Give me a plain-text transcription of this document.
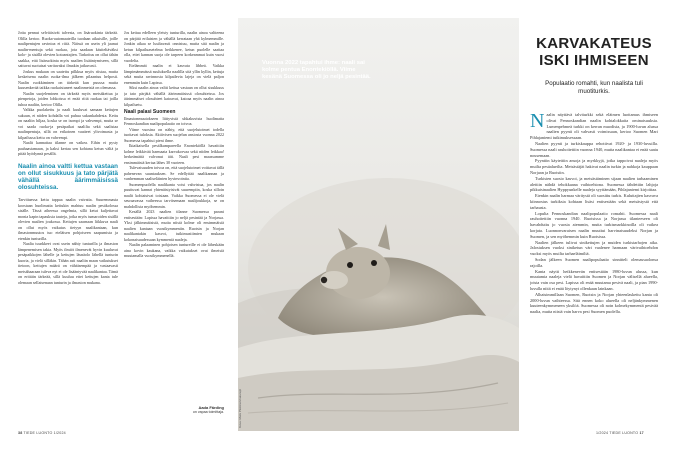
Jotta pennut selviäisivät talvesta, on lisäruokinta tärkeää. Olilla kertoo. Ruoka-automaateilla tuodaan aikuisille, joille naalipentujen ravintoa ei riitä. Näissä on usein yli jaanut naalin-mentuja sekä ruokaa, jota saadaan käsiteltäväksi kolo- ja sisällä olevien kotoantajien. Tarkoitus on ollut tähän saakka, että lisäruokinta myös naalien lisääntymiseen, sillä sattuvat suotuisat varttavaksi ilmakin jatkuvasti.

Joskus mukaan on saatettu pilkkua myös riistaa, mutta keskeisena naalin ruoka-ilma jälkeen pilaantuu helposti. Naalin ruokkiminen on tärkeää kun puussa mutta kuusenkerää taikka ruokaistuneet naalinmetsiä on olemassa.

Naalin suojeleminen on tärkeää myös metsäkettua ja pienpetoja, joiden lohkoissa ei enää riitä ruokaa tai joilla tuhoa naaliin, kertoo Olilla.

Valkka puolakettu ja naali kuuluvat samaan kettujen sukuun, ei niiden kohdalla voi puhua sukunkahdesta. Kettu on naaliin hiljaa, koska se on isompi ja vahvempi, mutta se voi saada ruoka-ja pesäpaikat naalilta sekä saalistaa naalinpentuja, sillä on erikoinen vaatteet ylivoimasta ja kilpailussa kettu on vahvempi.

Naalit kannattaa tilanne on vaikea. Eihin ei pysty paahaastamaan, ja kaksi kertaa sen kohtana ketun väliä ja pitää hyödynnä pesällä.

Naalin ainoa valtti kettua vastaan on ollut sisukkuus ja tato pärjätä vähällä äärimmäisissä olosuhteissa.

Tarvittaessa kettu tappaa naalin vaivatta. Suuremmasta koostaan huolimatta kettukin mahtuu naalin pesäkolossa sisälle. Tässä aiheessa ongelmia, sillä ketut kuljettavat monia kapin tapauksia tauteja, jotka myös tumaroiden sisällä olevien naalien joukossa. Kettujen saarnaan liikkuva naali on ollut myös vaikutus tietyyn naalikantaan, kun ilmastonmuutos tuo eteläisen pohjoiseen saapumista ja etenkin tunturilla.

Naalia tuurkkeet ovat usein nähty tunturilla ja ilmaston lämpenemisen takia. Myös ilmiöt ilmenevät hyvin kuuluvat pesäpaikkojen lähelle ja kettujen läsnäolo lähellä tunturin kuoria, ja vielä silläkin. Tähän asti naaliin maan vaikutukset tietoon, kettujen määrä on vähäisempää ja vastaavasti metsähaaraan tuleva nyt ei ole lisääntyvää naalikantaa. Tämä on erittäin tärkeää, sillä kuuluu ettei kettujen kanta tule olemaan sellaisenaan tunturin ja ilmaston mukana.

Jos kettua edelleen yleisty tunturilla, naalin ainoa valtteena on pärjätä erilaisten ja vähällä kerrataan yhä kylmemmille. Jonkin aikaa se luultavasti onnistuu, mutta sitä naalin ja ketun kilpailuasetelma heikkenee, ketun puolelle saattaa olla, ettei kannan suoja ole tarpeen korkeammat kuin vuosi vuodelta.

Etelämmät naalin ei kasvata libbeä. Vaikka lämpimämmässä suuluksella naalilla sitä yllin kyllin, kettuja sekä muita ravinnosta kilpailevia lajeja on vielä paljon enemmän kuin Lapissa.

Siksi naalin ainoa valtti kettua vastaan on ollut sisukkuus ja tato pärjätä vähällä äärimmäisissä olosuhteissa. Jos äärimmäiset olosuhteet katoavat, katoaa myös naalin ainoa kilpailuetu.

Naali palasi Suomeen

Ilmastonmuutokseen liittyvistä uhkakuvista huolimatta Fennoskandian naalipopulaatio on toivoa.

Viime vuosina on nähty, että suojelutoimet todella tuottavat tuloksia. Aktiivisen suojelun ansiosta vuonna 2022 Suomessa tapahtui pieni ihme.

Ikiaikaisella pesälkumpareella Enontekiöllä havaittiin kolme leikkivää harmaata karvakorvaa sekä niiden leikkaa! herkeämättä valvonut äiti. Naali pesi maassamme ensimmäistä kertaa lähes 30 vuoteen.

Tulevaisuuden toivoa on, että suojelutoimet voittavat tällä pahenevan suuntauksen. Se edellyttää naalikannan ja vanhemman saaliseläinten hyvinvointia.

Suomenpuolella naalikanta voisi vahvistua, jos naalin puuttuvat kannat yhtenäistyisivät suurempiin, koska silloin naalit kohtaisivat toisiaan. Vaikka Suomessa ei ole vielä seuraavassa vaiheessa tarvitsemaan naalijoukkoja, se on mahdollista myöhemmin.

Kesällä 2023 naalien tilanne Suomessa parani entisestään: Lapissa havaittiin jo neljä pesintää ja Norjassa. Yksi jälkimmäisistä, mutta niistä kolme oli ensimmäisiä naalien kantaan vuosikymmeniin. Ruotsin ja Norjan naalikantakin kasvoi, tutkimustiimien mukaan kokonaisuudessaan kymmeniä naaleja.

Naalin palaaminen pohjoisen tuntureille ei ole läheskään aina kovin kaukana, vaikka vaikutukset ovat ilmeisiä muutamalla vuosikymmenellä.

Aada Färding
on vapaa toimittaja.
38 TIEDE LUONTO 1/2024
Vuonna 2022 tapahtui ihme: naali sai kolme pentua Enontekiöllä. Viime kesänä Suomessa oli jo neljä pesintää.
Kuva: Mats Plokinen/naturepl
KARVAKATEUS ISKI IHMISEEN
Populaatio romahti, kun naalista tuli muotiturkis.
N aalin näyttävä talviturkki sekä eläimen luottamus ihmiseen olivat Fennoskandian naalin kohtalokkaita ominaisuuksia. Lumenpehmeä turkki on kerran muodista, ja 1900-luvun alussa naalien pyynti oli vahvasti voimissaan, kertoo Suomen Mari Pihlajaniemi tutkimuksessaan.

Naalien pyynti ja turkiskauppa rehottivat 1920- ja 1930-luvuilla. Suomessa naali rauhoitettiin vuonna 1940, mutta naalikantaa ei enää saatu nousemaan.

Pyyntiin käytettiin ansoja ja myrkkyjä, jotka tappoivat naaleja myös muilta pesäalueilta. Metsästäjät hakivat naalin turkin ja nahkoja kauppaan Norjaan ja Ruotsiin.

Turkisten suosio kasvoi, ja metsästäminen sijaan naalien tarhaaminen alettiin nähdä tehokkaana vaihtoehtona. Suomessa tähdettiin lahjoja pikkuisinaalien Hyppyunkelle naaleja syyttämään, Pihlajaniemi kirjoittaa.

Etenkin naalin harmaa väritystä oli suosittu turkis. Kuluttajien kasvava kiinnostus turkiksia kohtaan lisäsi entisestään sekä metsästystä että tarhausta.

Lopulta Fennoskandian naalipopulaatio romahti. Suomessa naali rauhoitettiin vuonna 1940. Ruotsissa ja Norjassa tilanteeseen oli havahduttu jo vuosia aiemmin, mutta turkismarkkinoilla oli vaikea korjata. Luonnonvaraisen naalin muuttui harvinaisuudeksi Norjan ja Suomen, ja sen myöhemmin kuin Ruotsissa.

Naalien jälkeen tulivat sinikettujen ja muiden turkistarhojen aika. Jalostuksen vuoksi siniketun väri vaalenee harmaan värivaihtoehdon vuoksi myös muilta tarhaeläimiltä.

Sodan jälkeen Suomen naalipopulaatio sinnitteli olemassaolonsa rajoilla.

Kanta näytti heikkenevän entisestään 1980-luvun alussa, kun muutamia naaleja vielä havaittiin Suomen ja Norjan välisellä alueella, joista vain osa pesi. Lapissa oli enää muutama pesivä naali, ja pian 1990-luvulla niitä ei enää löytynyt ollenkaan lainkaan.

Alhaisimmillaan Suomen, Ruotsin ja Norjan yhteenlaskettu kanta oli 2000-luvun vaihteessa. Sitä ennen koko alueella oli neljänkymmenen kuuteenkymmeneen yksilöä. Suomessa oli noin kolmekymmentä pesivää naalia, mutta niistä vain harva pesi Suomen puolella.

1/2024 TIEDE LUONTO 17
